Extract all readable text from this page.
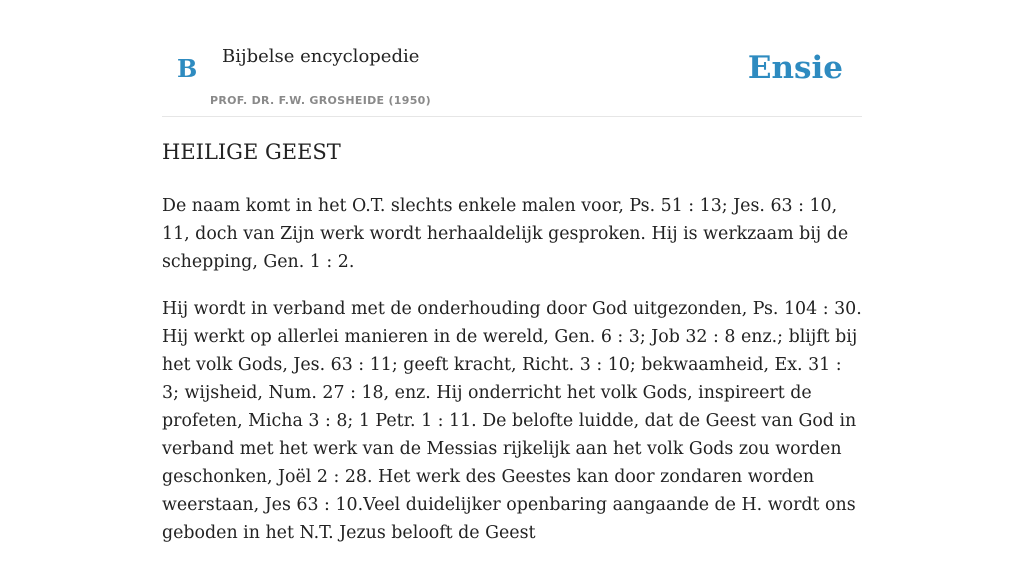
B Bijbelse encyclopedie
PROF. DR. F.W. GROSHEIDE (1950)
Ensie
HEILIGE GEEST

De naam komt in het O.T. slechts enkele malen voor, Ps. 51 : 13; Jes. 63 : 10, 11, doch van Zijn werk wordt herhaaldelijk gesproken. Hij is werkzaam bij de schepping, Gen. 1 : 2.

Hij wordt in verband met de onderhouding door God uitgezonden, Ps. 104 : 30. Hij werkt op allerlei manieren in de wereld, Gen. 6 : 3; Job 32 : 8 enz.; blijft bij het volk Gods, Jes. 63 : 11; geeft kracht, Richt. 3 : 10; bekwaamheid, Ex. 31 : 3; wijsheid, Num. 27 : 18, enz. Hij onderricht het volk Gods, inspireert de profeten, Micha 3 : 8; 1 Petr. 1 : 11. De belofte luidde, dat de Geest van God in verband met het werk van de Messias rijkelijk aan het volk Gods zou worden geschonken, Joël 2 : 28. Het werk des Geestes kan door zondaren worden weerstaan, Jes 63 : 10.Veel duidelijker openbaring aangaande de H. wordt ons geboden in het N.T. Jezus belooft de Geest
